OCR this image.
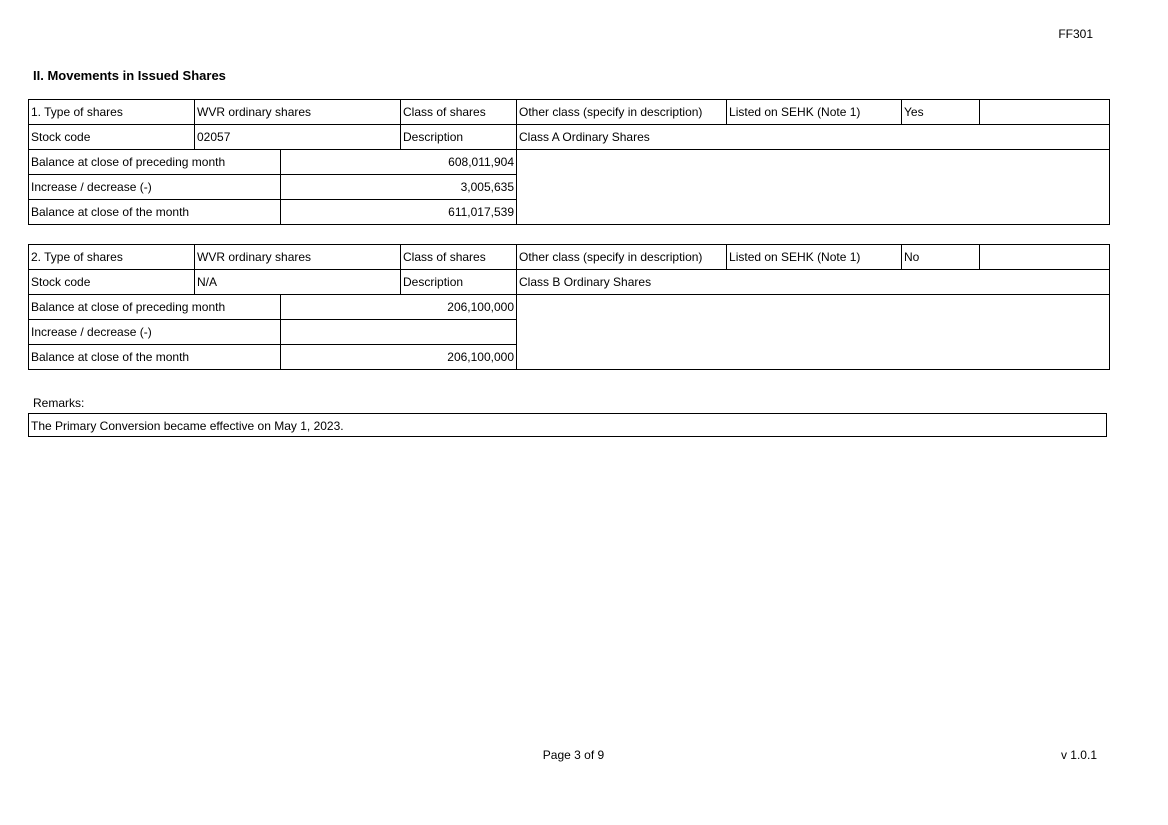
FF301
II. Movements in Issued Shares
1. Type of shares	WVR ordinary shares		Class of shares	Other class (specify in description)	Listed on SEHK (Note 1)	Yes	
Stock code	02057		Description	Class A Ordinary Shares			
Balance at close of preceding month		608,011,904					
Increase / decrease (-)		3,005,635					
Balance at close of the month		611,017,539					
2. Type of shares	WVR ordinary shares		Class of shares	Other class (specify in description)	Listed on SEHK (Note 1)	No	
Stock code	N/A		Description	Class B Ordinary Shares			
Balance at close of preceding month		206,100,000					
Increase / decrease (-)							
Balance at close of the month		206,100,000					
Remarks:
The Primary Conversion became effective on May 1, 2023.
Page 3 of 9	v 1.0.1
